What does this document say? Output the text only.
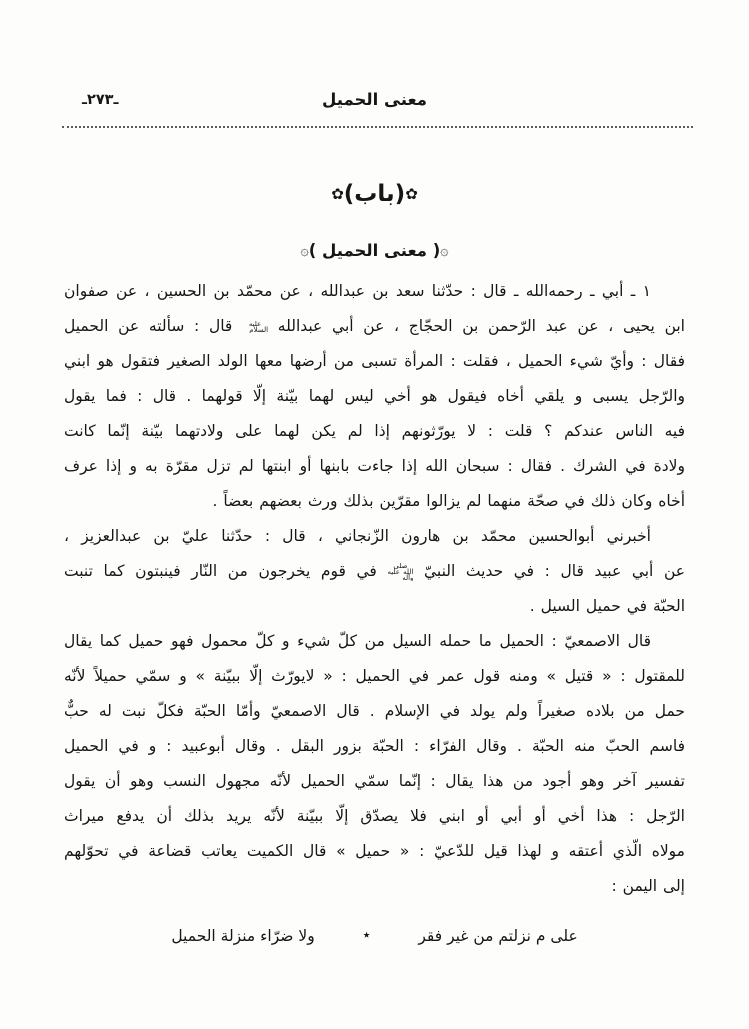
ـ٢٧٣ـ	معنى الحميل
✿(باب)✿
۞( معنى الحميل )۞
١ ـ أبي ـ رحمه‌الله ـ قال : حدّثنا سعد بن عبدالله ، عن محمّد بن الحسين ، عن صفوان
ابن يحيى ، عن عبد الرّحمن بن الحجّاج ، عن أبي عبدالله عليه السلام قال : سألته عن الحميل
فقال : وأيّ شيء الحميل ، فقلت : المرأة تسبى من أرضها معها الولد الصغير فتقول هو ابني
والرّجل يسبى و يلقي أخاه فيقول هو أخي ليس لهما بيّنة إلّا قولهما . قال : فما يقول
فيه الناس عندكم ؟ قلت : لا يورّثونهم إذا لم يكن لهما على ولادتهما بيّنة إنّما كانت
ولادة في الشرك . فقال : سبحان الله إذا جاءت بابنها أو ابنتها لم تزل مقرّة به و إذا عرف
أخاه وكان ذلك في صحّة منهما لم يزالوا مقرّين بذلك ورث بعضهم بعضاً .
أخبرني أبوالحسين محمّد بن هارون الزّنجاني ، قال : حدّثنا عليّ بن عبدالعزيز ،
عن أبي عبيد قال : في حديث النبيّ صلى الله عليه وآله في قوم يخرجون من النّار فينبتون كما تنبت
الحبّة في حميل السيل .
قال الاصمعيّ : الحميل ما حمله السيل من كلّ شيء و كلّ محمول فهو حميل كما يقال
للمقتول : « قتيل » ومنه قول عمر في الحميل : « لايورّث إلّا ببيّنة » و سمّي حميلاً لأنّه
حمل من بلاده صغيراً ولم يولد في الإسلام . قال الاصمعيّ وأمّا الحبّة فكلّ نبت له حبٌّ
فاسم الحبّ منه الحبّة . وقال الفرّاء : الحبّة بزور البقل . وقال أبوعبيد : و في الحميل
تفسير آخر وهو أجود من هذا يقال : إنّما سمّي الحميل لأنّه مجهول النسب وهو أن يقول
الرّجل : هذا أخي أو أبي أو ابني فلا يصدّق إلّا ببيّنة لأنّه يريد بذلك أن يدفع ميراث
مولاه الّذي أعتقه و لهذا قيل للدّعيّ : « حميل » قال الكميت يعاتب قضاعة في تحوّلهم
إلى اليمن :
على م نزلتم من غير فقر
٭
ولا ضرّاء منزلة الحميل
